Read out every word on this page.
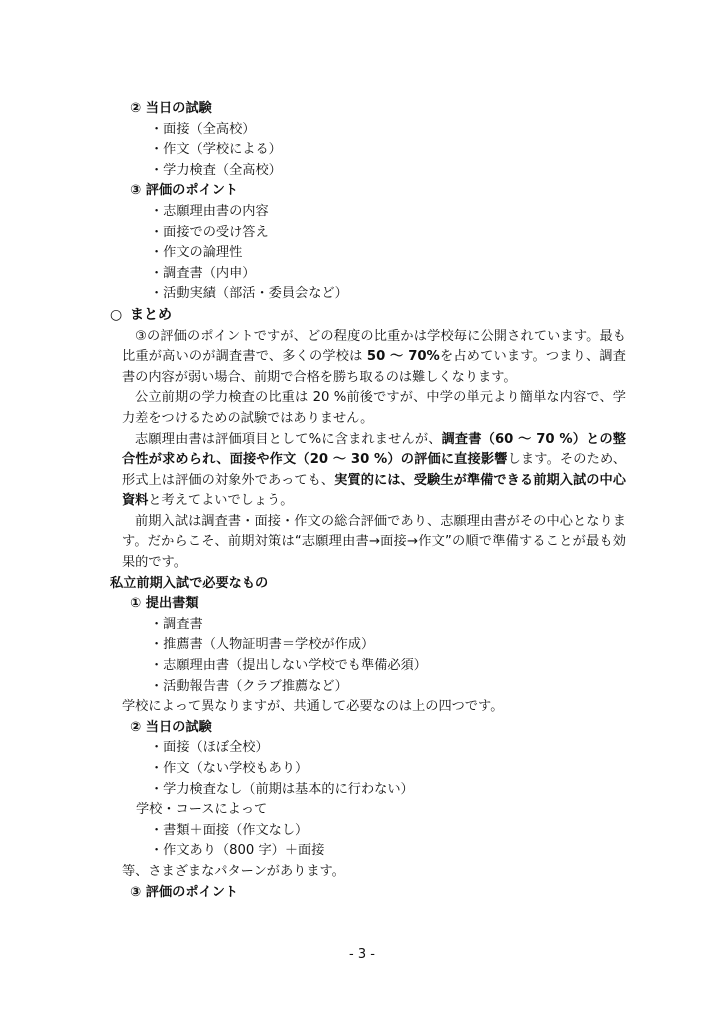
② 当日の試験
・面接（全高校）
・作文（学校による）
・学力検査（全高校）
③ 評価のポイント
・志願理由書の内容
・面接での受け答え
・作文の論理性
・調査書（内申）
・活動実績（部活・委員会など）
○ まとめ
③の評価のポイントですが、どの程度の比重かは学校毎に公開されています。最も比重が高いのが調査書で、多くの学校は 50 ～ 70%を占めています。つまり、調査書の内容が弱い場合、前期で合格を勝ち取るのは難しくなります。
公立前期の学力検査の比重は 20 %前後ですが、中学の単元より簡単な内容で、学力差をつけるための試験ではありません。
志願理由書は評価項目として%に含まれませんが、調査書（60 ～ 70 %）との整合性が求められ、面接や作文（20 ～ 30 %）の評価に直接影響します。そのため、形式上は評価の対象外であっても、実質的には、受験生が準備できる前期入試の中心資料と考えてよいでしょう。
前期入試は調査書・面接・作文の総合評価であり、志願理由書がその中心となります。だからこそ、前期対策は“志願理由書→面接→作文”の順で準備することが最も効果的です。
私立前期入試で必要なもの
① 提出書類
・調査書
・推薦書（人物証明書＝学校が作成）
・志願理由書（提出しない学校でも準備必須）
・活動報告書（クラブ推薦など）
学校によって異なりますが、共通して必要なのは上の四つです。
② 当日の試験
・面接（ほぼ全校）
・作文（ない学校もあり）
・学力検査なし（前期は基本的に行わない）
学校・コースによって
・書類＋面接（作文なし）
・作文あり（800 字）＋面接
等、さまざまなパターンがあります。
③ 評価のポイント
- 3 -
